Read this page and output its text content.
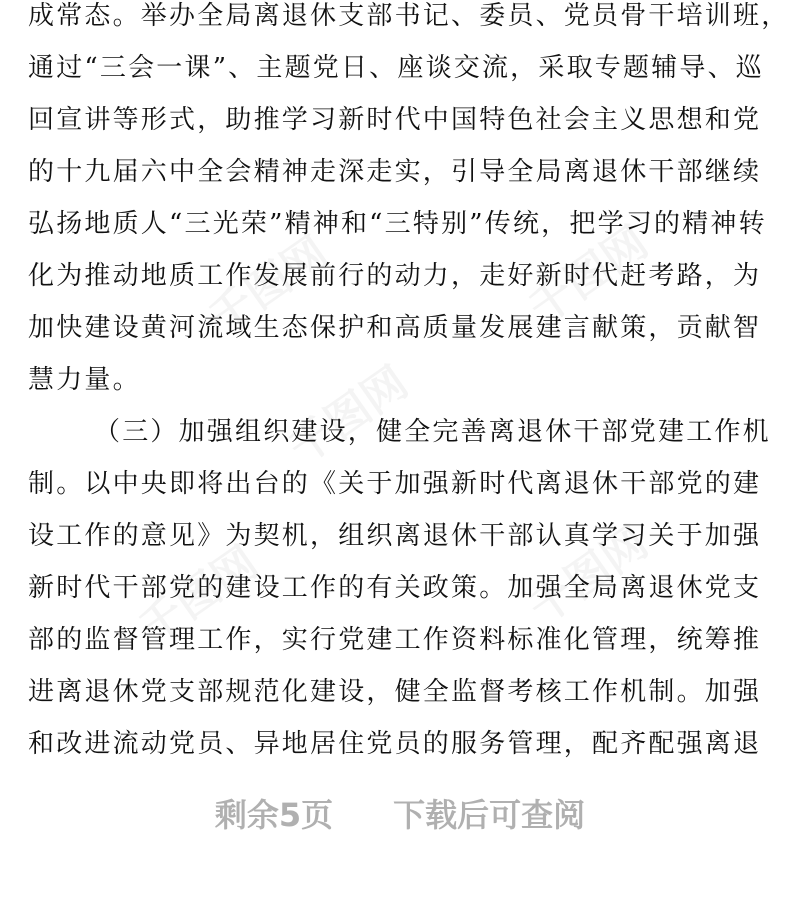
千图网	千图网
千图网
千图网	千图网
成常态。举办全局离退休支部书记、委员、党员骨干培训班，
通过“三会一课”、主题党日、座谈交流，采取专题辅导、巡
回宣讲等形式，助推学习新时代中国特色社会主义思想和党
的十九届六中全会精神走深走实，引导全局离退休干部继续
弘扬地质人“三光荣”精神和“三特别”传统，把学习的精神转
化为推动地质工作发展前行的动力，走好新时代赶考路，为
加快建设黄河流域生态保护和高质量发展建言献策，贡献智
慧力量。
（三）加强组织建设，健全完善离退休干部党建工作机
制。以中央即将出台的《关于加强新时代离退休干部党的建
设工作的意见》为契机，组织离退休干部认真学习关于加强
新时代干部党的建设工作的有关政策。加强全局离退休党支
部的监督管理工作，实行党建工作资料标准化管理，统筹推
进离退休党支部规范化建设，健全监督考核工作机制。加强
和改进流动党员、异地居住党员的服务管理，配齐配强离退
剩余5页 下载后可查阅
